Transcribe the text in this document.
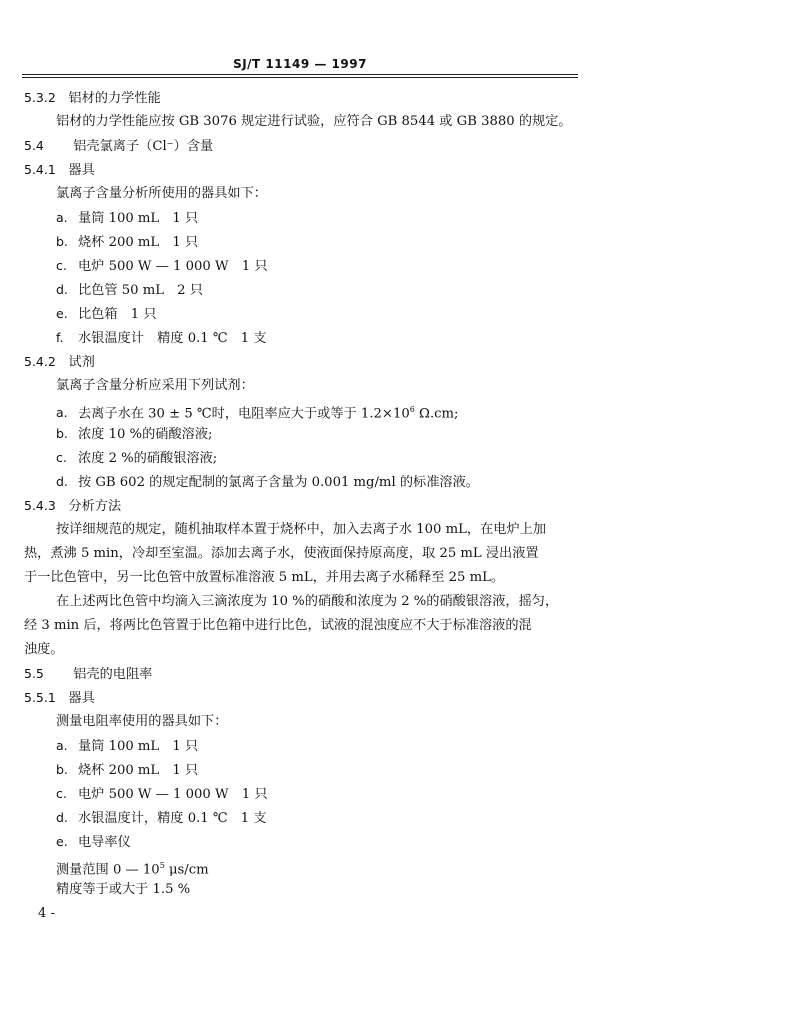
SJ/T 11149 — 1997
5.3.2 铝材的力学性能
铝材的力学性能应按 GB 3076 规定进行试验，应符合 GB 8544 或 GB 3880 的规定。
5.4 铝壳氯离子（Cl⁻）含量
5.4.1 器具
氯离子含量分析所使用的器具如下：
a. 量筒 100 mL　1 只
b. 烧杯 200 mL　1 只
c. 电炉 500 W — 1 000 W　1 只
d. 比色管 50 mL　2 只
e. 比色箱　1 只
f. 水银温度计　精度 0.1 ℃　1 支
5.4.2 试剂
氯离子含量分析应采用下列试剂：
a. 去离子水在 30 ± 5 ℃时，电阻率应大于或等于 $1.2\times 10^6$ Ω.cm;
b. 浓度 10 %的硝酸溶液;
c. 浓度 2 %的硝酸银溶液;
d. 按 GB 602 的规定配制的氯离子含量为 0.001 mg/ml 的标准溶液。
5.4.3 分析方法
按详细规范的规定，随机抽取样本置于烧杯中，加入去离子水 100 mL，在电炉上加
热，煮沸 5 min，冷却至室温。添加去离子水，使液面保持原高度，取 25 mL 浸出液置
于一比色管中，另一比色管中放置标准溶液 5 mL，并用去离子水稀释至 25 mL。
在上述两比色管中均滴入三滴浓度为 10 %的硝酸和浓度为 2 %的硝酸银溶液，摇匀，
经 3 min 后，将两比色管置于比色箱中进行比色，试液的混浊度应不大于标准溶液的混
浊度。
5.5 铝壳的电阻率
5.5.1 器具
测量电阻率使用的器具如下：
a. 量筒 100 mL　1 只
b. 烧杯 200 mL　1 只
c. 电炉 500 W — 1 000 W　1 只
d. 水银温度计，精度 0.1 ℃　1 支
e. 电导率仪
测量范围 0 — $10^5$ μs/cm
精度等于或大于 1.5 %
4 -
